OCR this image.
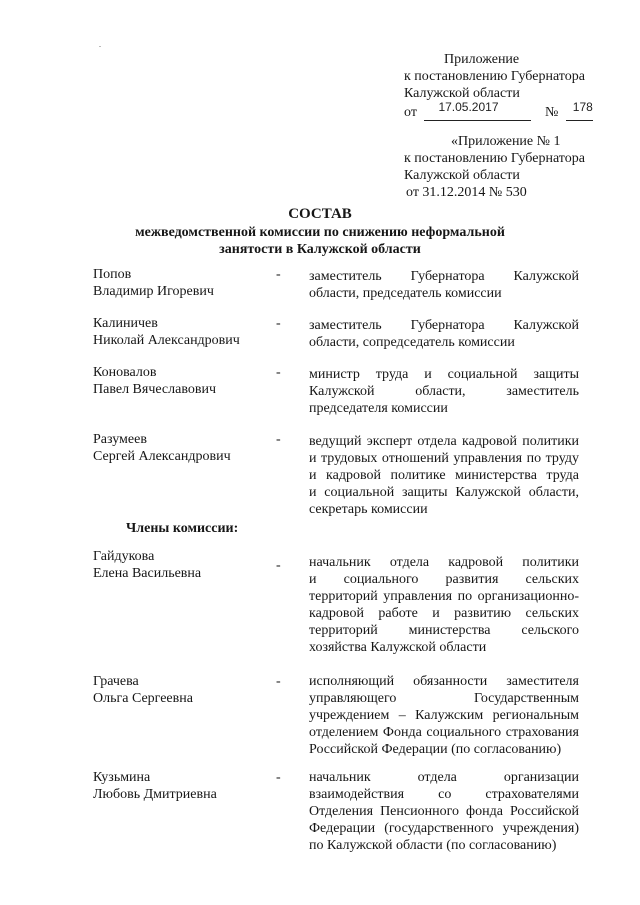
Приложение
к постановлению Губернатора
Калужской области
от 17.05.2017	№ 178
«Приложение № 1
к постановлению Губернатора
Калужской области
от 31.12.2014 № 530
СОСТАВ
межведомственной комиссии по снижению неформальной
занятости в Калужской области
Попов
Владимир Игоревич
- заместитель Губернатора Калужской
области, председатель комиссии
Калиничев
Николай Александрович
- заместитель Губернатора Калужской
области, сопредседатель комиссии
Коновалов
Павел Вячеславович
- министр труда и социальной защиты
Калужской области, заместитель
председателя комиссии
Разумеев
Сергей Александрович
- ведущий эксперт отдела кадровой политики
и трудовых отношений управления по труду
и кадровой политике министерства труда
и социальной защиты Калужской области,
секретарь комиссии
Члены комиссии:
Гайдукова
Елена Васильевна
- начальник отдела кадровой политики
и социального развития сельских
территорий управления по организационно-
кадровой работе и развитию сельских
территорий министерства сельского
хозяйства Калужской области
Грачева
Ольга Сергеевна
- исполняющий обязанности заместителя
управляющего Государственным
учреждением – Калужским региональным
отделением Фонда социального страхования
Российской Федерации (по согласованию)
Кузьмина
Любовь Дмитриевна
- начальник отдела организации
взаимодействия со страхователями
Отделения Пенсионного фонда Российской
Федерации (государственного учреждения)
по Калужской области (по согласованию)
